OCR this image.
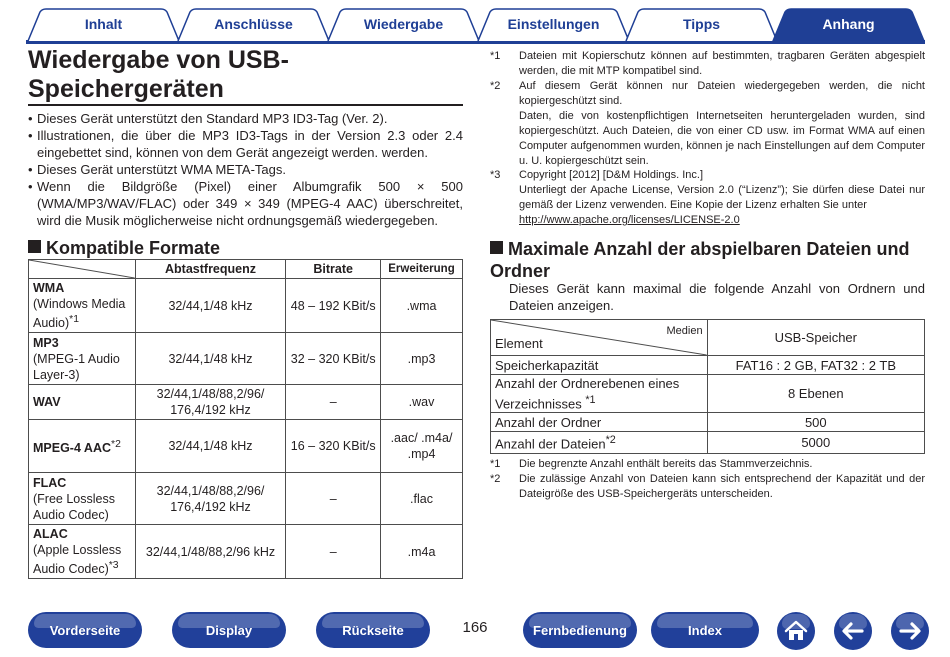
Inhalt	Anschlüsse	Wiedergabe	Einstellungen	Tipps	Anhang
Wiedergabe von USB-Speichergeräten
• Dieses Gerät unterstützt den Standard MP3 ID3-Tag (Ver. 2).
• Illustrationen, die über die MP3 ID3-Tags in der Version 2.3 oder 2.4 eingebettet sind, können von dem Gerät angezeigt werden. werden.
• Dieses Gerät unterstützt WMA META-Tags.
• Wenn die Bildgröße (Pixel) einer Albumgrafik 500 × 500 (WMA/MP3/WAV/FLAC) oder 349 × 349 (MPEG-4 AAC) überschreitet, wird die Musik möglicherweise nicht ordnungsgemäß wiedergegeben.
Kompatible Formate
	Abtastfrequenz	Bitrate	Erweiterung
WMA
(Windows Media Audio)$^{*1}$	32/44,1/48 kHz	48 – 192 KBit/s	.wma
MP3
(MPEG-1 Audio Layer-3)	32/44,1/48 kHz	32 – 320 KBit/s	.mp3
WAV	32/44,1/48/88,2/96/ 176,4/192 kHz	–	.wav
MPEG-4 AAC$^{*2}$	32/44,1/48 kHz	16 – 320 KBit/s	.aac/ .m4a/ .mp4
FLAC
(Free Lossless Audio Codec)	32/44,1/48/88,2/96/ 176,4/192 kHz	–	.flac
ALAC
(Apple Lossless Audio Codec)$^{*3}$	32/44,1/48/88,2/96 kHz	–	.m4a
*1 Dateien mit Kopierschutz können auf bestimmten, tragbaren Geräten abgespielt werden, die mit MTP kompatibel sind.
*2 Auf diesem Gerät können nur Dateien wiedergegeben werden, die nicht kopiergeschützt sind.
Daten, die von kostenpflichtigen Internetseiten heruntergeladen wurden, sind kopiergeschützt. Auch Dateien, die von einer CD usw. im Format WMA auf einen Computer aufgenommen wurden, können je nach Einstellungen auf dem Computer u. U. kopiergeschützt sein.
*3 Copyright [2012] [D&M Holdings. Inc.]
Unterliegt der Apache License, Version 2.0 (“Lizenz”); Sie dürfen diese Datei nur gemäß der Lizenz verwenden. Eine Kopie der Lizenz erhalten Sie unter
http://www.apache.org/licenses/LICENSE-2.0
Maximale Anzahl der abspielbaren Dateien und Ordner
Dieses Gerät kann maximal die folgende Anzahl von Ordnern und Dateien anzeigen.
Medien
Element	USB-Speicher
Speicherkapazität	FAT16 : 2 GB, FAT32 : 2 TB
Anzahl der Ordnerebenen eines Verzeichnisses $^{*1}$	8 Ebenen
Anzahl der Ordner	500
Anzahl der Dateien$^{*2}$	5000
*1 Die begrenzte Anzahl enthält bereits das Stammverzeichnis.
*2 Die zulässige Anzahl von Dateien kann sich entsprechend der Kapazität und der Dateigröße des USB-Speichergeräts unterscheiden.
Vorderseite	Display	Rückseite	166	Fernbedienung	Index
